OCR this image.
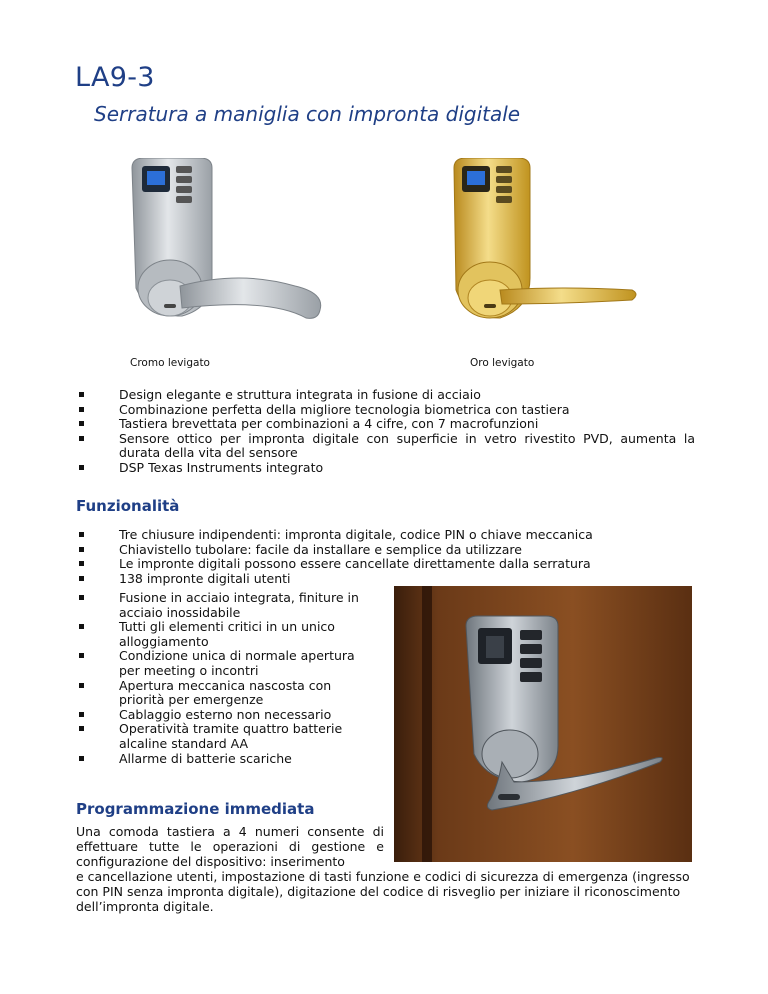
LA9-3
Serratura a maniglia con impronta digitale
Cromo levigato	Oro levigato
Design elegante e struttura integrata in fusione di acciaio
Combinazione perfetta della migliore tecnologia biometrica con tastiera
Tastiera brevettata per combinazioni a 4 cifre, con 7 macrofunzioni
Sensore ottico per impronta digitale con superficie in vetro rivestito PVD, aumenta la durata della vita del sensore
DSP Texas Instruments integrato
Funzionalità
Tre chiusure indipendenti: impronta digitale, codice PIN o chiave meccanica
Chiavistello tubolare: facile da installare e semplice da utilizzare
Le impronte digitali possono essere cancellate direttamente dalla serratura
138 impronte digitali utenti
Fusione in acciaio integrata, finiture in acciaio inossidabile
Tutti gli elementi critici in un unico alloggiamento
Condizione unica di normale apertura per meeting o incontri
Apertura meccanica nascosta con priorità per emergenze
Cablaggio esterno non necessario
Operatività tramite quattro batterie alcaline standard AA
Allarme di batterie scariche
Programmazione immediata

Una comoda tastiera a 4 numeri consente di effettuare tutte le operazioni di gestione e configurazione del dispositivo: inserimento

e cancellazione utenti, impostazione di tasti funzione e codici di sicurezza di emergenza (ingresso con PIN senza impronta digitale), digitazione del codice di risveglio per iniziare il riconoscimento dell’impronta digitale.
